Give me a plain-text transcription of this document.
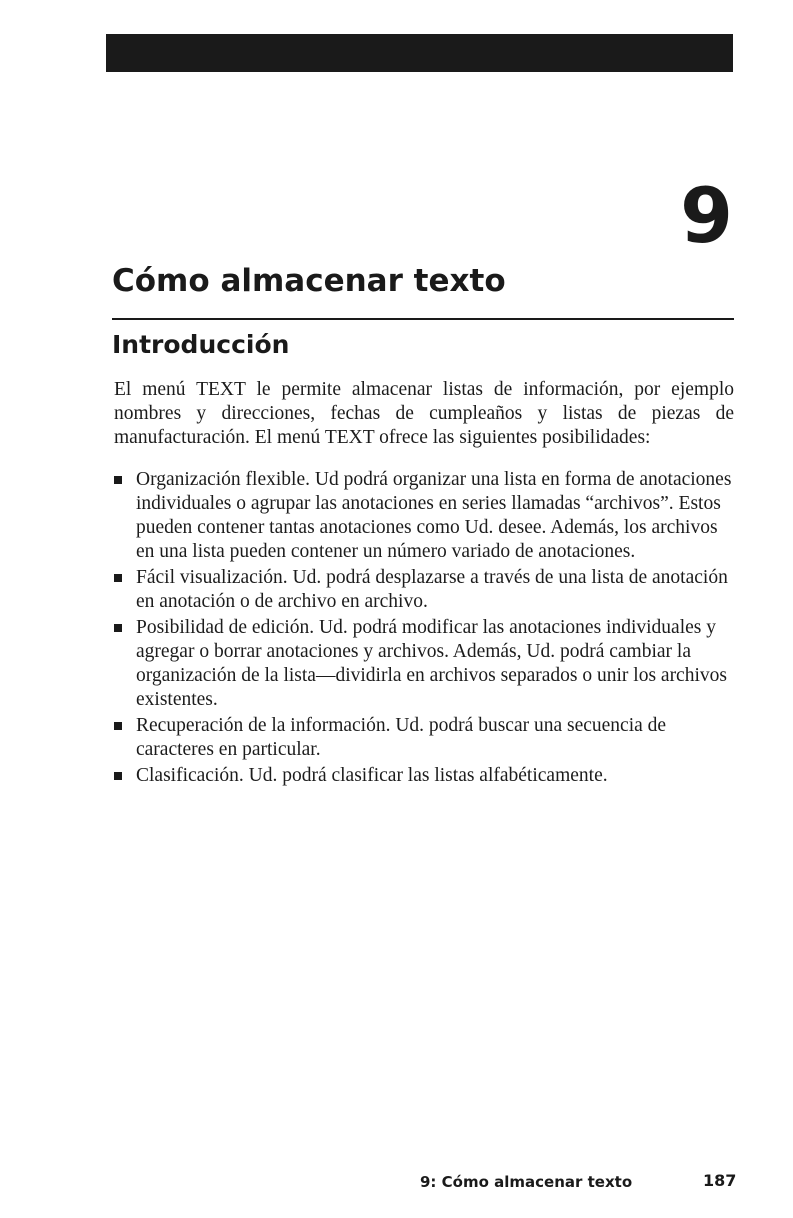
9
Cómo almacenar texto
Introducción

El menú TEXT le permite almacenar listas de información, por ejemplo nombres y direcciones, fechas de cumpleaños y listas de piezas de manufacturación. El menú TEXT ofrece las siguientes posibilidades:

Organización flexible. Ud podrá organizar una lista en forma de anotaciones individuales o agrupar las anotaciones en series llamadas “archivos”. Estos pueden contener tantas anotaciones como Ud. desee. Además, los archivos en una lista pueden contener un número variado de anotaciones.
Fácil visualización. Ud. podrá desplazarse a través de una lista de anotación en anotación o de archivo en archivo.
Posibilidad de edición. Ud. podrá modificar las anotaciones individuales y agregar o borrar anotaciones y archivos. Además, Ud. podrá cambiar la organización de la lista—dividirla en archivos separados o unir los archivos existentes.
Recuperación de la información. Ud. podrá buscar una secuencia de caracteres en particular.
Clasificación. Ud. podrá clasificar las listas alfabéticamente.
9: Cómo almacenar texto	187
